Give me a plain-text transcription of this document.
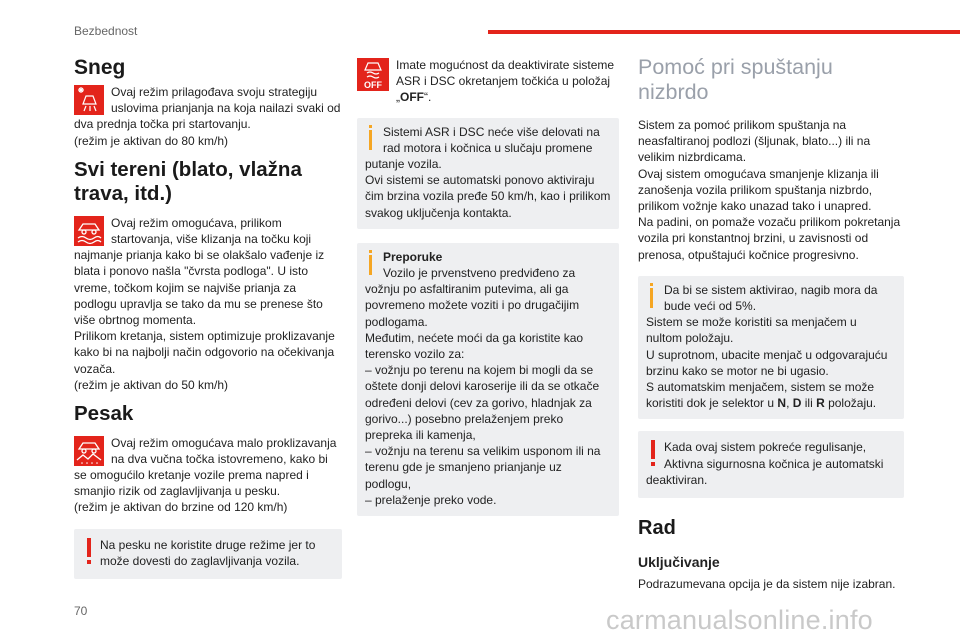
Bezbednost
Sneg

Ovaj režim prilagođava svoju strategiju uslovima prianjanja na koja nailazi svaki od dva prednja točka pri startovanju.

(režim je aktivan do 80 km/h)

Svi tereni (blato, vlažna trava, itd.)

Ovaj režim omogućava, prilikom startovanja, više klizanja na točku koji najmanje prianja kako bi se olakšalo vađenje iz blata i ponovo našla "čvrsta podloga". U isto vreme, točkom kojim se najviše prianja za podlogu upravlja se tako da mu se prenese što više obrtnog momenta.

Prilikom kretanja, sistem optimizuje proklizavanje kako bi na najbolji način odgovorio na očekivanja vozača.

(režim je aktivan do 50 km/h)

Pesak

Ovaj režim omogućava malo proklizavanja na dva vučna točka istovremeno, kako bi se omogućilo kretanje vozile prema napred i smanjio rizik od zaglavljivanja u pesku.

(režim je aktivan do brzine od 120 km/h)

Na pesku ne koristite druge režime jer to može dovesti do zaglavljivanja vozila.

OFF

Imate mogućnost da deaktivirate sisteme ASR i DSC okretanjem točkića u položaj „OFF“.

Sistemi ASR i DSC neće više delovati na rad motora i kočnica u slučaju promene putanje vozila.

Ovi sistemi se automatski ponovo aktiviraju čim brzina vozila pređe 50 km/h, kao i prilikom svakog uključenja kontakta.

Preporuke

Vozilo je prvenstveno predviđeno za vožnju po asfaltiranim putevima, ali ga povremeno možete voziti i po drugačijim podlogama.

Međutim, nećete moći da ga koristite kao terensko vozilo za:

– vožnju po terenu na kojem bi mogli da se oštete donji delovi karoserije ili da se otkače određeni delovi (cev za gorivo, hladnjak za gorivo...) posebno prelaženjem preko prepreka ili kamenja,

– vožnju na terenu sa velikim usponom ili na terenu gde je smanjeno prianjanje uz podlogu,

– prelaženje preko vode.

Pomoć pri spuštanju nizbrdo

Sistem za pomoć prilikom spuštanja na neasfaltiranoj podlozi (šljunak, blato...) ili na velikim nizbrdicama.

Ovaj sistem omogućava smanjenje klizanja ili zanošenja vozila prilikom spuštanja nizbrdo, prilikom vožnje kako unazad tako i unapred.

Na padini, on pomaže vozaču prilikom pokretanja vozila pri konstantnoj brzini, u zavisnosti od prenosa, otpuštajući kočnice progresivno.

Da bi se sistem aktivirao, nagib mora da bude veći od 5%.

Sistem se može koristiti sa menjačem u nultom položaju.

U suprotnom, ubacite menjač u odgovarajuću brzinu kako se motor ne bi ugasio.

S automatskim menjačem, sistem se može koristiti dok je selektor u N, D ili R položaju.

Kada ovaj sistem pokreće regulisanje, Aktivna sigurnosna kočnica je automatski deaktiviran.

Rad
Uključivanje

Podrazumevana opcija je da sistem nije izabran.

70	carmanualsonline.info
